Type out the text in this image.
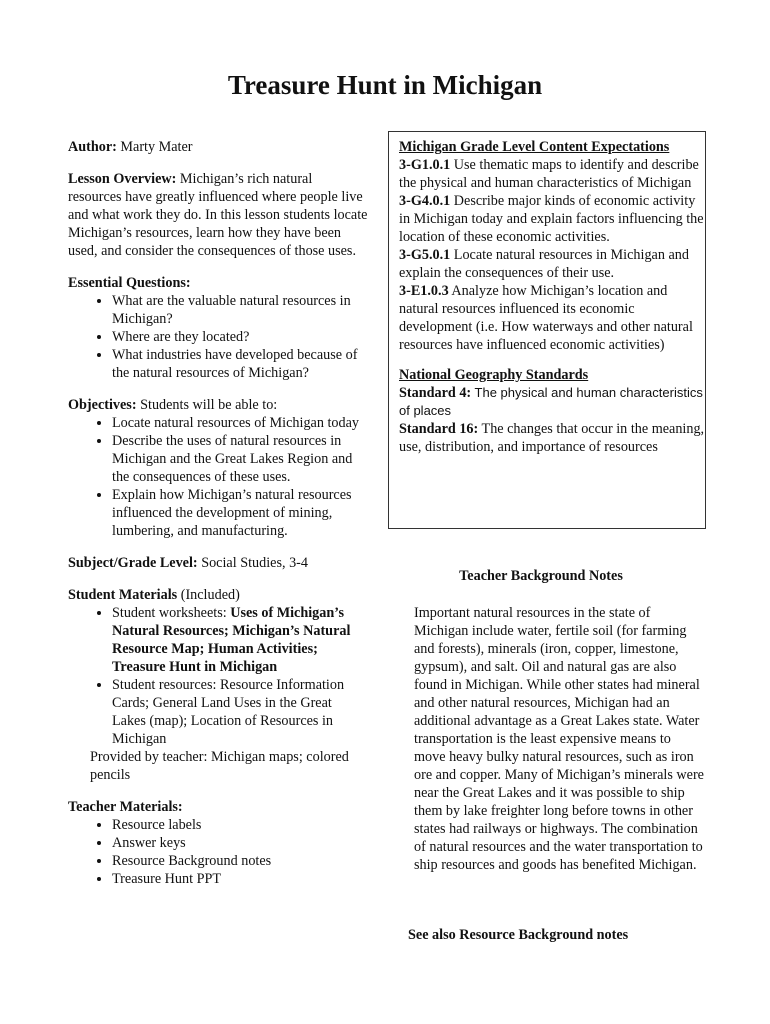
Treasure Hunt in Michigan

Author: Marty Mater

Lesson Overview: Michigan’s rich natural resources have greatly influenced where people live and what work they do. In this lesson students locate Michigan’s resources, learn how they have been used, and consider the consequences of those uses.

Essential Questions:

• What are the valuable natural resources in Michigan?
• Where are they located?
• What industries have developed because of the natural resources of Michigan?

Objectives: Students will be able to:

• Locate natural resources of Michigan today
• Describe the uses of natural resources in Michigan and the Great Lakes Region and the consequences of these uses.
• Explain how Michigan’s natural resources influenced the development of mining, lumbering, and manufacturing.

Subject/Grade Level: Social Studies, 3-4

Student Materials (Included)

• Student worksheets: Uses of Michigan’s Natural Resources; Michigan’s Natural Resource Map; Human Activities; Treasure Hunt in Michigan
• Student resources: Resource Information Cards; General Land Uses in the Great Lakes (map); Location of Resources in Michigan

Provided by teacher: Michigan maps; colored pencils

Teacher Materials:

• Resource labels
• Answer keys
• Resource Background notes
• Treasure Hunt PPT

Michigan Grade Level Content Expectations

3-G1.0.1 Use thematic maps to identify and describe the physical and human characteristics of Michigan

3-G4.0.1 Describe major kinds of economic activity in Michigan today and explain factors influencing the location of these economic activities.

3-G5.0.1 Locate natural resources in Michigan and explain the consequences of their use.

3-E1.0.3 Analyze how Michigan’s location and natural resources influenced its economic development (i.e. How waterways and other natural resources have influenced economic activities)

National Geography Standards

Standard 4: The physical and human characteristics of places

Standard 16: The changes that occur in the meaning, use, distribution, and importance of resources

Teacher Background Notes
Important natural resources in the state of Michigan include water, fertile soil (for farming and forests), minerals (iron, copper, limestone, gypsum), and salt. Oil and natural gas are also found in Michigan. While other states had mineral and other natural resources, Michigan had an additional advantage as a Great Lakes state. Water transportation is the least expensive means to move heavy bulky natural resources, such as iron ore and copper. Many of Michigan’s minerals were near the Great Lakes and it was possible to ship them by lake freighter long before towns in other states had railways or highways. The combination of natural resources and the water transportation to ship resources and goods has benefited Michigan.
See also Resource Background notes
